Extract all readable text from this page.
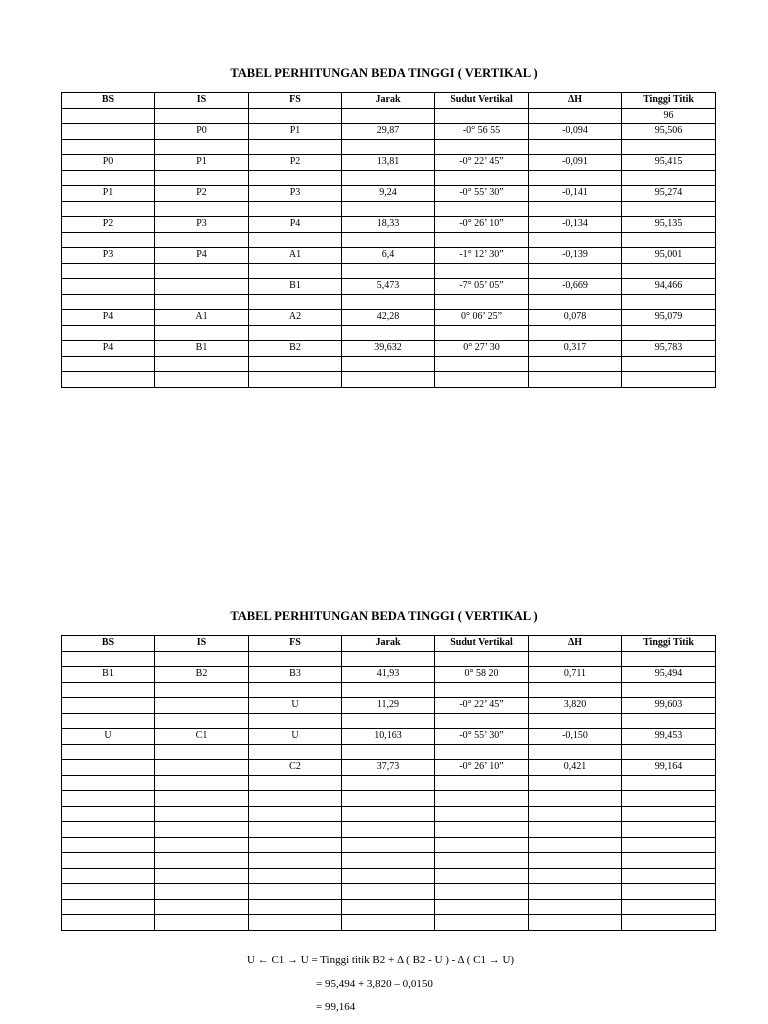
TABEL PERHITUNGAN BEDA TINGGI ( VERTIKAL )
BS	IS	FS	Jarak	Sudut Vertikal	ΔH	Tinggi Titik
						96
	P0	P1	29,87	-0° 56 55	-0,094	95,506

P0	P1	P2	13,81	-0° 22’ 45”	-0,091	95,415

P1	P2	P3	9,24	-0° 55’ 30”	-0,141	95,274

P2	P3	P4	18,33	-0° 26’ 10”	-0,134	95,135

P3	P4	A1	6,4	-1° 12’ 30”	-0,139	95,001

		B1	5,473	-7° 05’ 05”	-0,669	94,466

P4	A1	A2	42,28	0° 06’ 25”	0,078	95,079

P4	B1	B2	39,632	0° 27’ 30	0,317	95,783

TABEL PERHITUNGAN BEDA TINGGI ( VERTIKAL )
BS	IS	FS	Jarak	Sudut Vertikal	ΔH	Tinggi Titik

B1	B2	B3	41,93	0° 58 20	0,711	95,494

		U	11,29	-0° 22’ 45”	3,820	99,603

U	C1	U	10,163	-0° 55’ 30”	-0,150	99,453

		C2	37,73	-0° 26’ 10”	0,421	99,164

U ← C1 → U = Tinggi titik B2 + Δ ( B2 - U ) - Δ ( C1 → U)
= 95,494 + 3,820 – 0,0150
= 99,164
